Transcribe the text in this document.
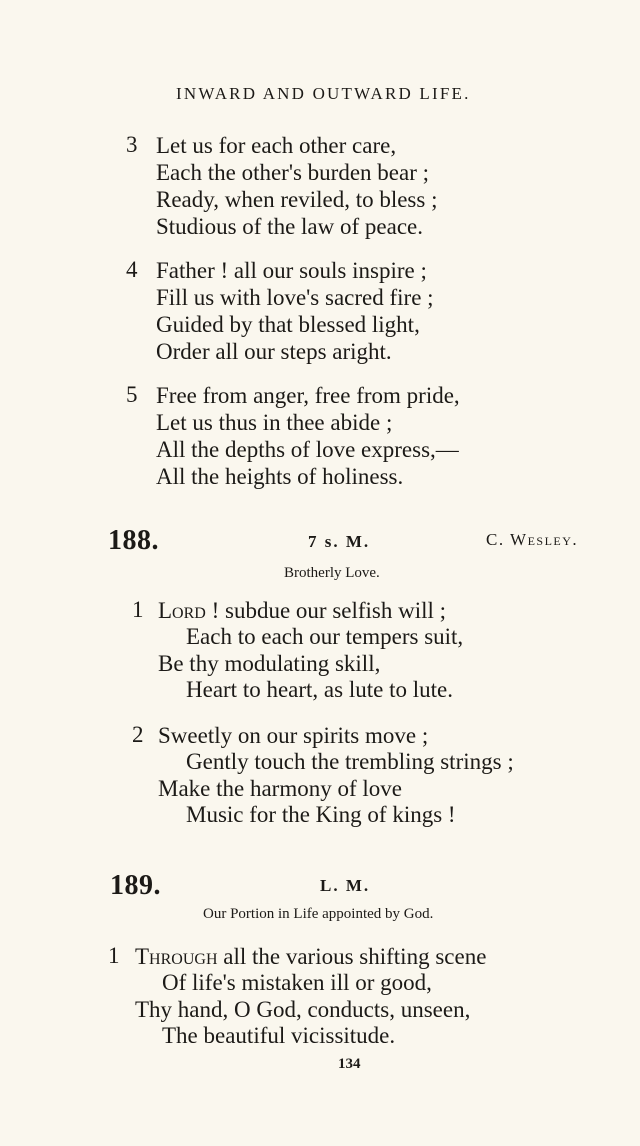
INWARD AND OUTWARD LIFE.
3 Let us for each other care,
Each the other's burden bear ;
Ready, when reviled, to bless ;
Studious of the law of peace.
4 Father ! all our souls inspire ;
Fill us with love's sacred fire ;
Guided by that blessed light,
Order all our steps aright.
5 Free from anger, free from pride,
Let us thus in thee abide ;
All the depths of love express,—
All the heights of holiness.
188.	7 s. M.	C. Wesley.
Brotherly Love.
1 Lord ! subdue our selfish will ;
Each to each our tempers suit,
Be thy modulating skill,
Heart to heart, as lute to lute.
2 Sweetly on our spirits move ;
Gently touch the trembling strings ;
Make the harmony of love
Music for the King of kings !
189.	L. M.
Our Portion in Life appointed by God.
1 Through all the various shifting scene
Of life's mistaken ill or good,
Thy hand, O God, conducts, unseen,
The beautiful vicissitude.
134
